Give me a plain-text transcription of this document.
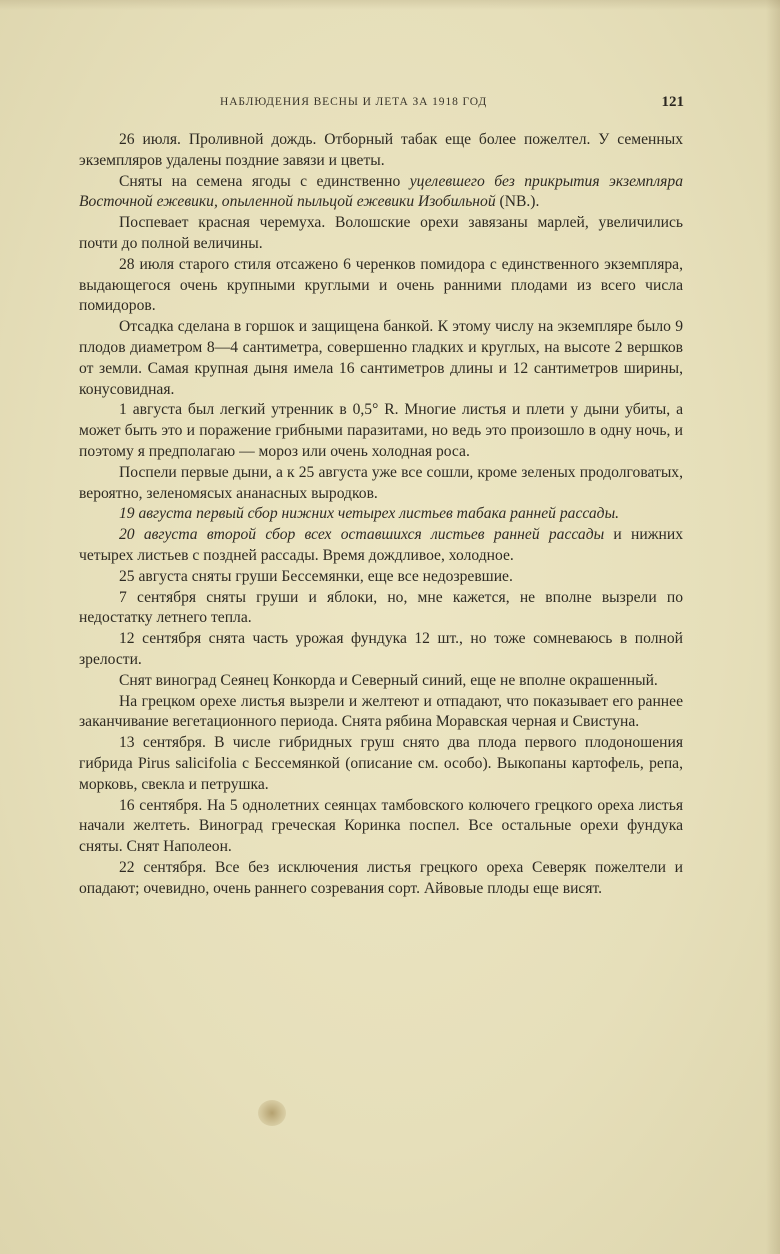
НАБЛЮДЕНИЯ ВЕСНЫ И ЛЕТА ЗА 1918 ГОД	121

26 июля. Проливной дождь. Отборный табак еще более пожелтел. У семенных экземпляров удалены поздние завязи и цветы.

Сняты на семена ягоды с единственно уцелевшего без прикрытия экземпляра Восточной ежевики, опыленной пыльцой ежевики Изобильной (NB.).

Поспевает красная черемуха. Волошские орехи завязаны марлей, увеличились почти до полной величины.

28 июля старого стиля отсажено 6 черенков помидора с единственного экземпляра, выдающегося очень крупными круглыми и очень ранними плодами из всего числа помидоров.

Отсадка сделана в горшок и защищена банкой. К этому числу на экземпляре было 9 плодов диаметром 8—4 сантиметра, совершенно гладких и круглых, на высоте 2 вершков от земли. Самая крупная дыня имела 16 сантиметров длины и 12 сантиметров ширины, конусовидная.

1 августа был легкий утренник в 0,5° R. Многие листья и плети у дыни убиты, а может быть это и поражение грибными паразитами, но ведь это произошло в одну ночь, и поэтому я предполагаю — мороз или очень холодная роса.

Поспели первые дыни, а к 25 августа уже все сошли, кроме зеленых продолговатых, вероятно, зеленомясых ананасных выродков.

19 августа первый сбор нижних четырех листьев табака ранней рассады.

20 августа второй сбор всех оставшихся листьев ранней рассады и нижних четырех листьев с поздней рассады. Время дождливое, холодное.

25 августа сняты груши Бессемянки, еще все недозревшие.

7 сентября сняты груши и яблоки, но, мне кажется, не вполне вызрели по недостатку летнего тепла.

12 сентября снята часть урожая фундука 12 шт., но тоже сомневаюсь в полной зрелости.

Снят виноград Сеянец Конкорда и Северный синий, еще не вполне окрашенный.

На грецком орехе листья вызрели и желтеют и отпадают, что показывает его раннее заканчивание вегетационного периода. Снята рябина Моравская черная и Свистуна.

13 сентября. В числе гибридных груш снято два плода первого плодоношения гибрида Pirus salicifolia с Бессемянкой (описание см. особо). Выкопаны картофель, репа, морковь, свекла и петрушка.

16 сентября. На 5 однолетних сеянцах тамбовского колючего грецкого ореха листья начали желтеть. Виноград греческая Коринка поспел. Все остальные орехи фундука сняты. Снят Наполеон.

22 сентября. Все без исключения листья грецкого ореха Северяк пожелтели и опадают; очевидно, очень раннего созревания сорт. Айвовые плоды еще висят.
